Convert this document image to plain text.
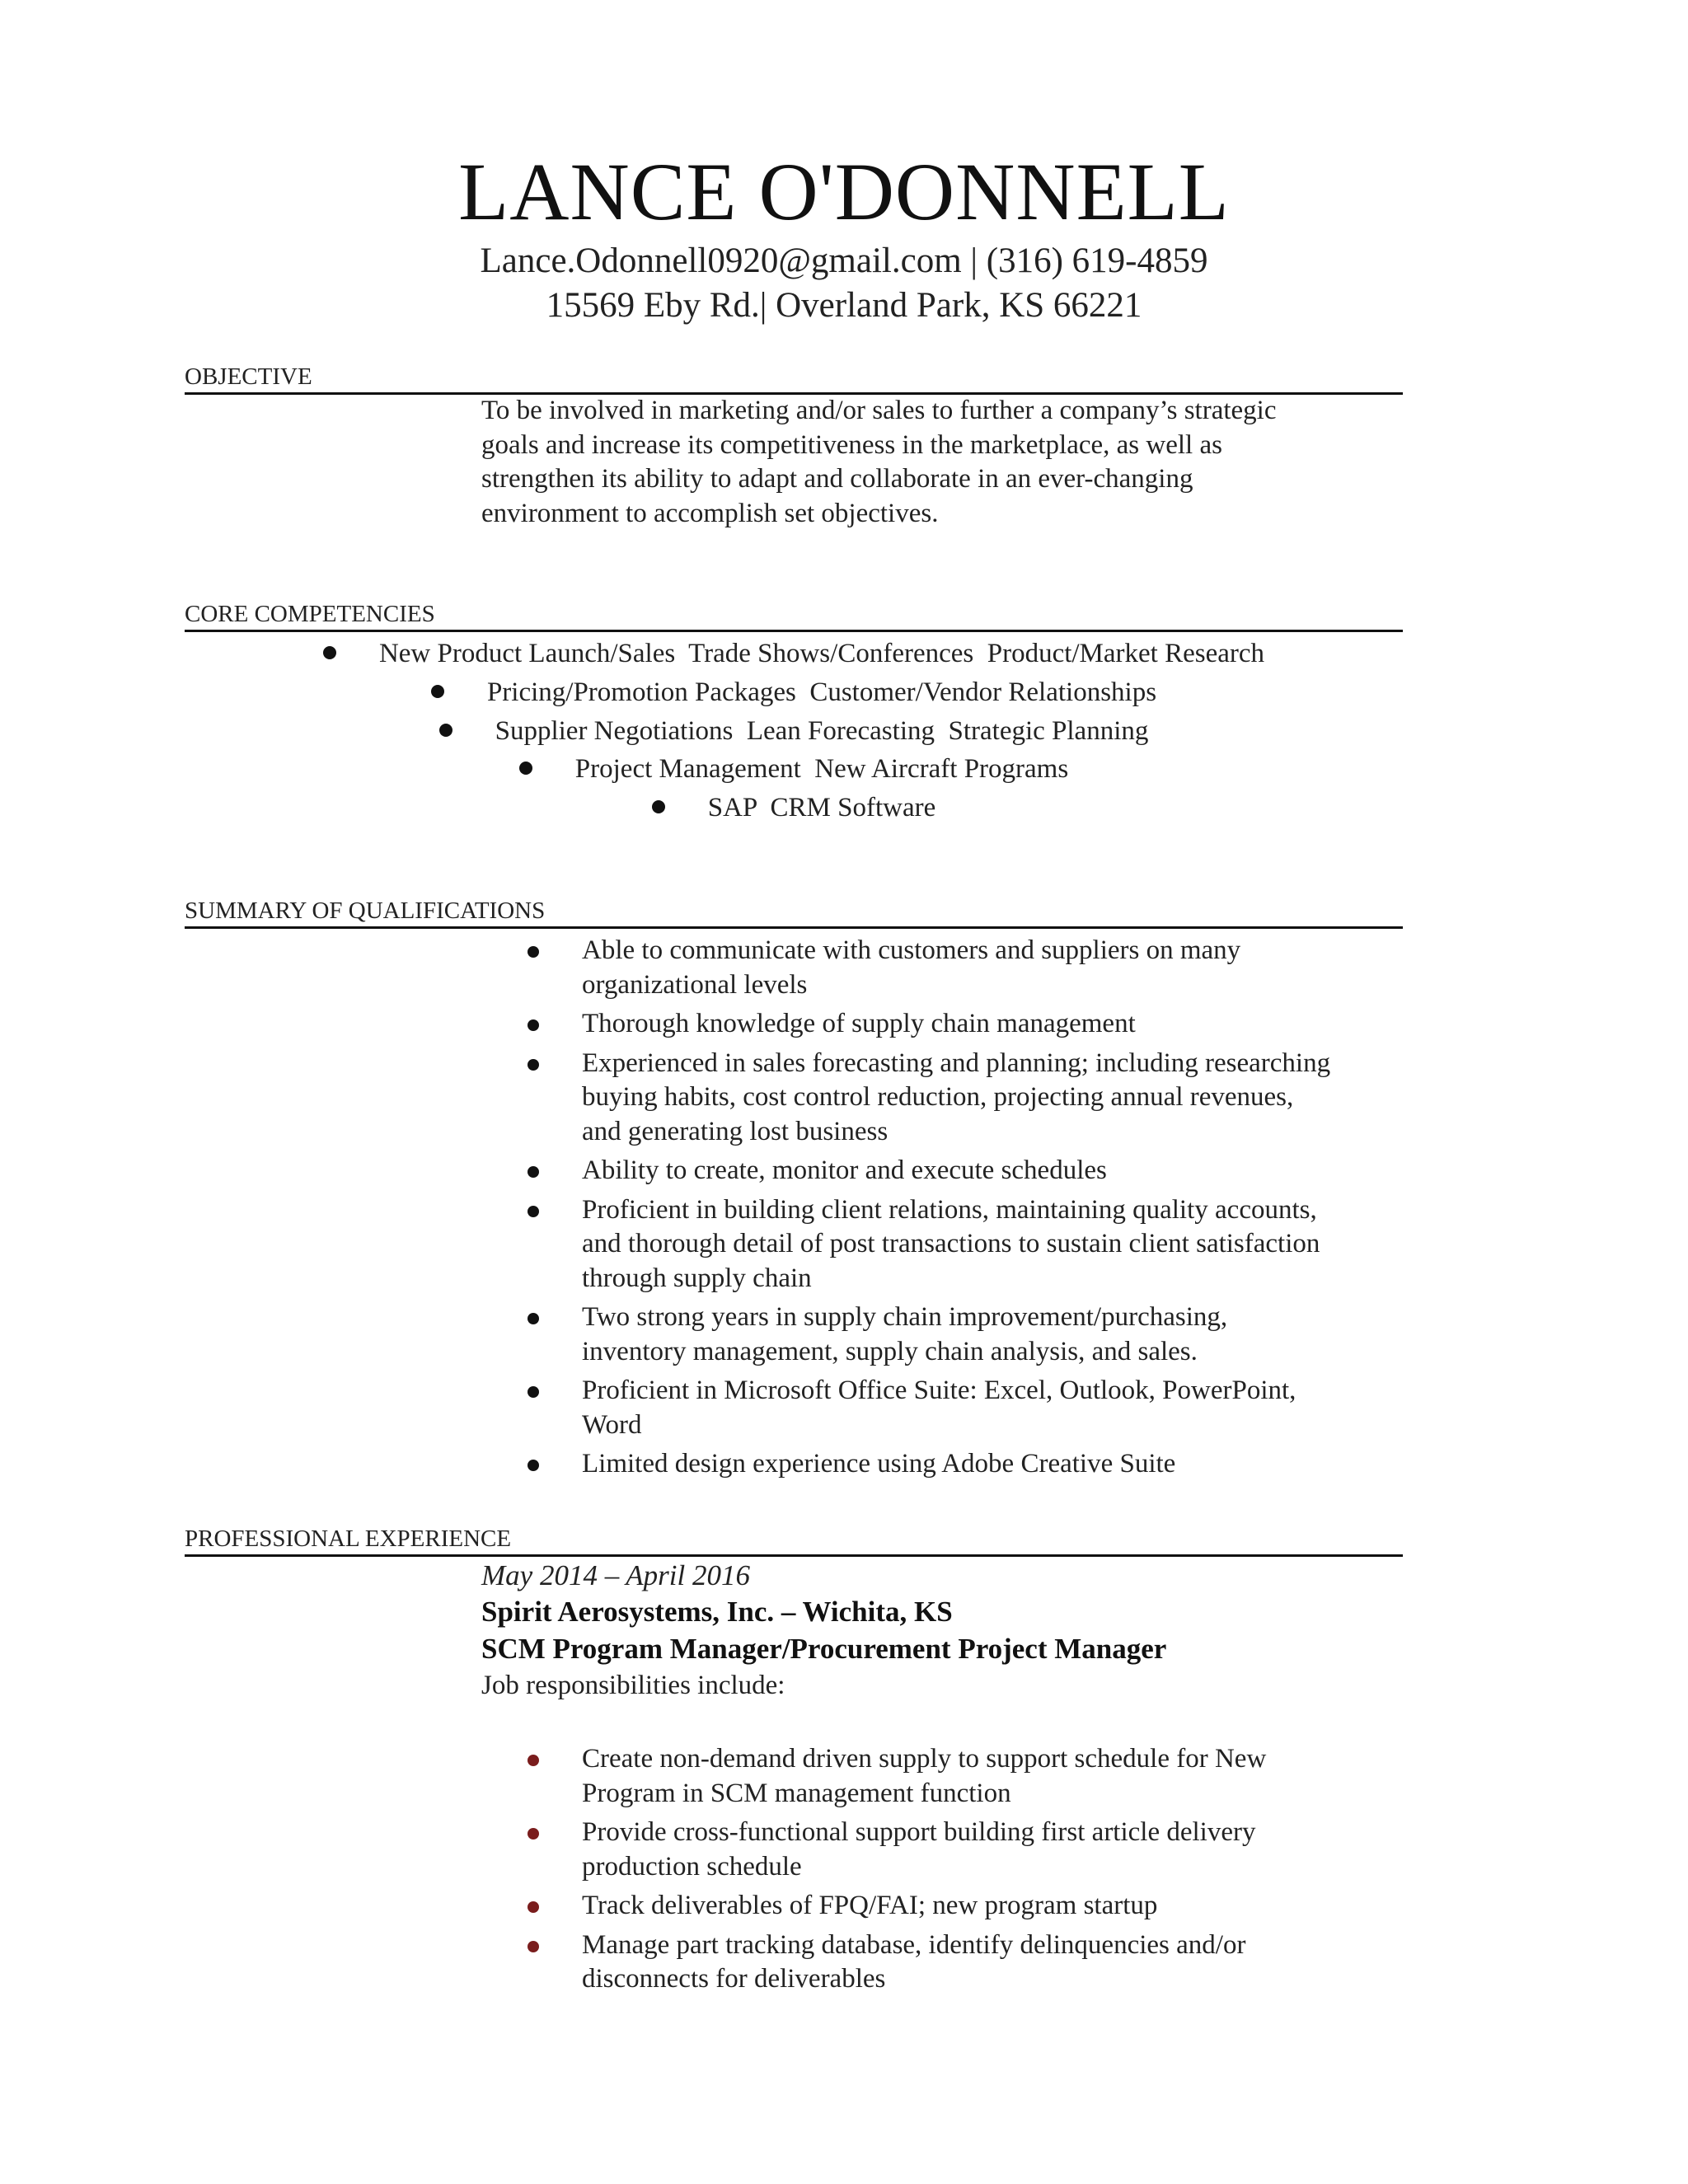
LANCE O'DONNELL
Lance.Odonnell0920@gmail.com | (316) 619-4859
15569 Eby Rd.| Overland Park, KS 66221
OBJECTIVE
To be involved in marketing and/or sales to further a company’s strategic
goals and increase its competitiveness in the marketplace, as well as
strengthen its ability to adapt and collaborate in an ever-changing
environment to accomplish set objectives.
CORE COMPETENCIES
New Product Launch/Sales  Trade Shows/Conferences  Product/Market Research
Pricing/Promotion Packages  Customer/Vendor Relationships
Supplier Negotiations  Lean Forecasting  Strategic Planning
Project Management  New Aircraft Programs
SAP  CRM Software
SUMMARY OF QUALIFICATIONS
Able to communicate with customers and suppliers on many
organizational levels
Thorough knowledge of supply chain management
Experienced in sales forecasting and planning; including researching
buying habits, cost control reduction, projecting annual revenues,
and generating lost business
Ability to create, monitor and execute schedules
Proficient in building client relations, maintaining quality accounts,
and thorough detail of post transactions to sustain client satisfaction
through supply chain
Two strong years in supply chain improvement/purchasing,
inventory management, supply chain analysis, and sales.
Proficient in Microsoft Office Suite: Excel, Outlook, PowerPoint,
Word
Limited design experience using Adobe Creative Suite
PROFESSIONAL EXPERIENCE
May 2014 – April 2016
Spirit Aerosystems, Inc. – Wichita, KS
SCM Program Manager/Procurement Project Manager
Job responsibilities include:
Create non-demand driven supply to support schedule for New
Program in SCM management function
Provide cross-functional support building first article delivery
production schedule
Track deliverables of FPQ/FAI; new program startup
Manage part tracking database, identify delinquencies and/or
disconnects for deliverables
